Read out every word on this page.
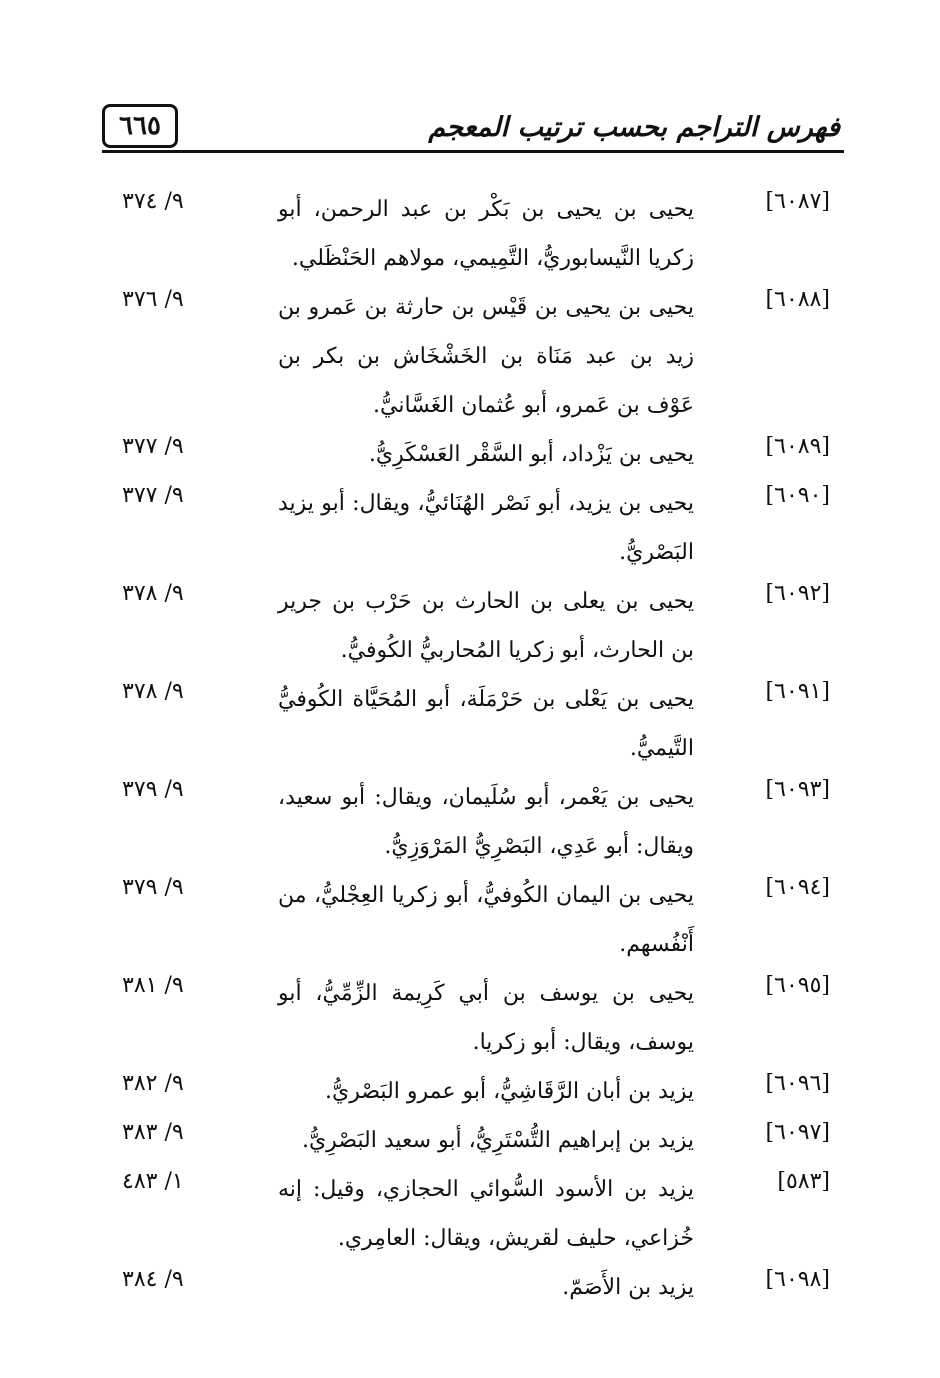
٦٦٥	فهرس التراجم بحسب ترتيب المعجم
[٦٠٨٧]
يحيى بن يحيى بن بَكْر بن عبد الرحمن، أبو زكريا النَّيسابوريُّ، التَّمِيمي، مولاهم الحَنْظَلي.
٩/ ٣٧٤
[٦٠٨٨]
يحيى بن يحيى بن قَيْس بن حارثة بن عَمرو بن زيد بن عبد مَنَاة بن الخَشْخَاش بن بكر بن عَوْف بن عَمرو، أبو عُثمان الغَسَّانيُّ.
٩/ ٣٧٦
[٦٠٨٩]
يحيى بن يَزْداد، أبو السَّقْر العَسْكَرِيُّ.
٩/ ٣٧٧
[٦٠٩٠]
يحيى بن يزيد، أبو نَصْر الهُنَائيُّ، ويقال: أبو يزيد البَصْريُّ.
٩/ ٣٧٧
[٦٠٩٢]
يحيى بن يعلى بن الحارث بن حَرْب بن جرير بن الحارث، أبو زكريا المُحاربيُّ الكُوفيُّ.
٩/ ٣٧٨
[٦٠٩١]
يحيى بن يَعْلى بن حَرْمَلَة، أبو المُحَيَّاة الكُوفيُّ التَّيميُّ.
٩/ ٣٧٨
[٦٠٩٣]
يحيى بن يَعْمر، أبو سُلَيمان، ويقال: أبو سعيد، ويقال: أبو عَدِي، البَصْرِيُّ المَرْوَزِيُّ.
٩/ ٣٧٩
[٦٠٩٤]
يحيى بن اليمان الكُوفيُّ، أبو زكريا العِجْليُّ، من أَنْفُسهم.
٩/ ٣٧٩
[٦٠٩٥]
يحيى بن يوسف بن أبي كَرِيمة الزِّمِّيُّ، أبو يوسف، ويقال: أبو زكريا.
٩/ ٣٨١
[٦٠٩٦]
يزيد بن أبان الرَّقَاشِيُّ، أبو عمرو البَصْريُّ.
٩/ ٣٨٢
[٦٠٩٧]
يزيد بن إبراهيم التُّسْتَرِيُّ، أبو سعيد البَصْرِيُّ.
٩/ ٣٨٣
[٥٨٣]
يزيد بن الأسود السُّوائي الحجازي، وقيل: إنه خُزاعي، حليف لقريش، ويقال: العامِري.
١/ ٤٨٣
[٦٠٩٨]
يزيد بن الأَصَمّ.
٩/ ٣٨٤
